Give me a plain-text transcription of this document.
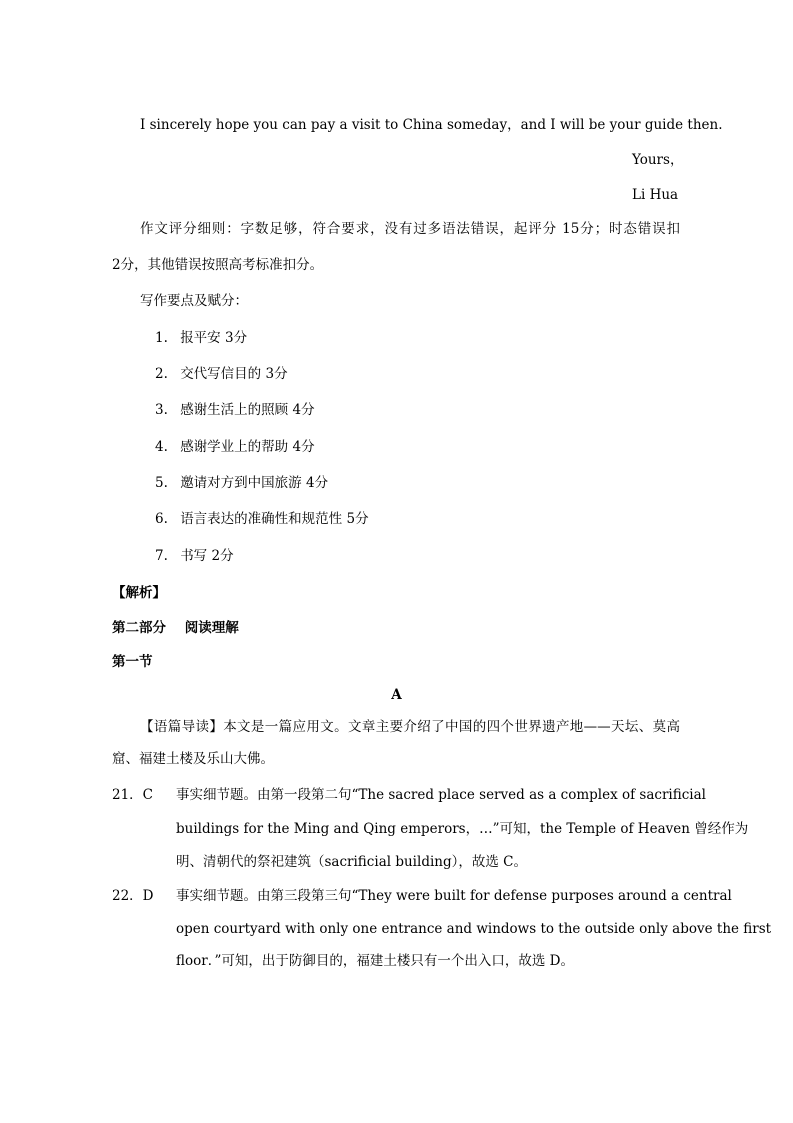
I sincerely hope you can pay a visit to China someday，and I will be your guide then.
Yours，
Li Hua
作文评分细则：字数足够，符合要求，没有过多语法错误，起评分 15分；时态错误扣
2分，其他错误按照高考标准扣分。
写作要点及赋分：
1. 报平安 3分
2. 交代写信目的 3分
3. 感谢生活上的照顾 4分
4. 感谢学业上的帮助 4分
5. 邀请对方到中国旅游 4分
6. 语言表达的准确性和规范性 5分
7. 书写 2分
【解析】
第二部分    阅读理解
第一节
A
【语篇导读】本文是一篇应用文。文章主要介绍了中国的四个世界遗产地——天坛、莫高
窟、福建土楼及乐山大佛。
21．C 事实细节题。由第一段第二句“The sacred place served as a complex of sacrificial
buildings for the Ming and Qing emperors，…”可知，the Temple of Heaven 曾经作为
明、清朝代的祭祀建筑（sacrificial building），故选 C。
22．D 事实细节题。由第三段第三句“They were built for defense purposes around a central
open courtyard with only one entrance and windows to the outside only above the first
floor．”可知，出于防御目的，福建土楼只有一个出入口，故选 D。
